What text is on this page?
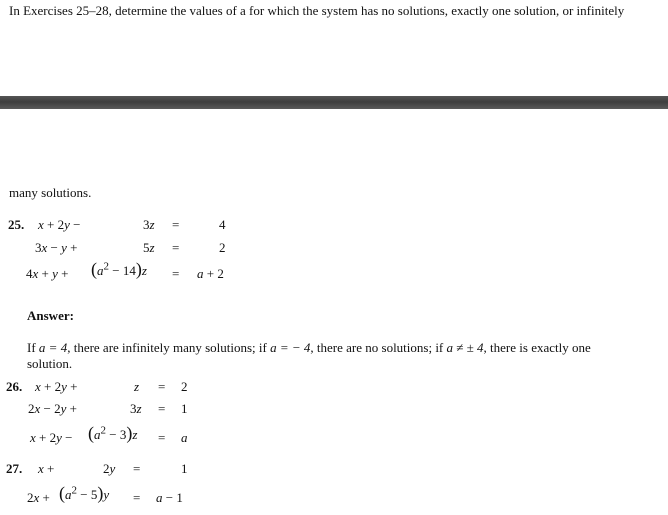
In Exercises 25–28, determine the values of a for which the system has no solutions, exactly one solution, or infinitely
many solutions.
25. x + 2y −	3z =	4
3x − y +	5z =	2
$4x + y + (a^2 - 14)z = a + 2$
Answer:
If a = 4, there are infinitely many solutions; if a = − 4, there are no solutions; if a ≠ ± 4, there is exactly one
solution.
26. x + 2y +	z = 2
2x − 2y +	3z = 1
$x + 2y - (a^2 - 3)z = a$
27. x +	2y =	1
$2x + (a^2 - 5)y = a - 1$
